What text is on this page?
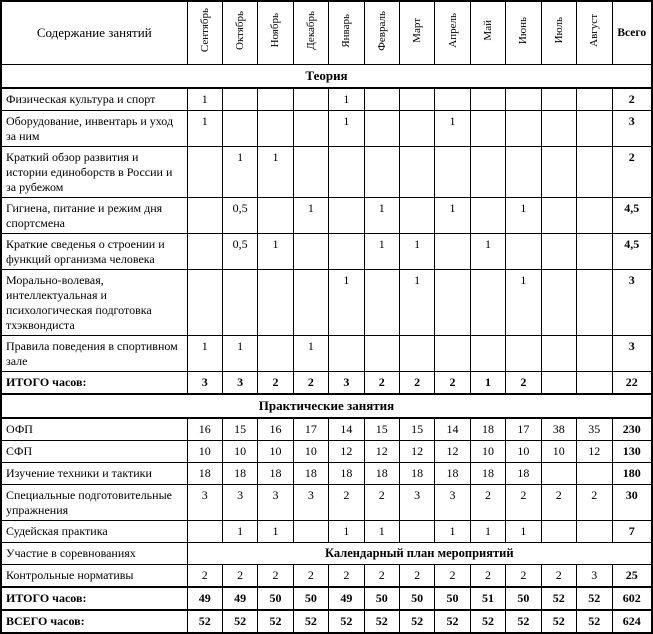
Содержание занятий	Сентябрь	Октябрь	Ноябрь	Декабрь	Январь	Февраль	Март	Апрель	Май	Июнь	Июль	Август	Всего
Теория													
Физическая культура и спорт	1				1								2
Оборудование, инвентарь и уход за ним	1				1			1					3
Краткий обзор развития и истории единоборств в России и за рубежом		1	1										2
Гигиена, питание и режим дня спортсмена		0,5		1		1		1		1			4,5
Краткие сведенья о строении и функций организма человека		0,5	1			1	1		1				4,5
Морально-волевая, интеллектуальная и психологическая подготовка тхэквондиста					1		1			1			3
Правила поведения в спортивном зале	1	1		1									3
ИТОГО часов:	3	3	2	2	3	2	2	2	1	2			22
Практические занятия													
ОФП	16	15	16	17	14	15	15	14	18	17	38	35	230
СФП	10	10	10	10	12	12	12	12	10	10	10	12	130
Изучение техники и тактики	18	18	18	18	18	18	18	18	18	18			180
Специальные подготовительные упражнения	3	3	3	3	2	2	3	3	2	2	2	2	30
Судейская практика		1	1		1	1		1	1	1			7
Участие в соревнованиях	Календарный план мероприятий												
Контрольные нормативы	2	2	2	2	2	2	2	2	2	2	2	3	25
ИТОГО часов:	49	49	50	50	49	50	50	50	51	50	52	52	602
ВСЕГО часов:	52	52	52	52	52	52	52	52	52	52	52	52	624
